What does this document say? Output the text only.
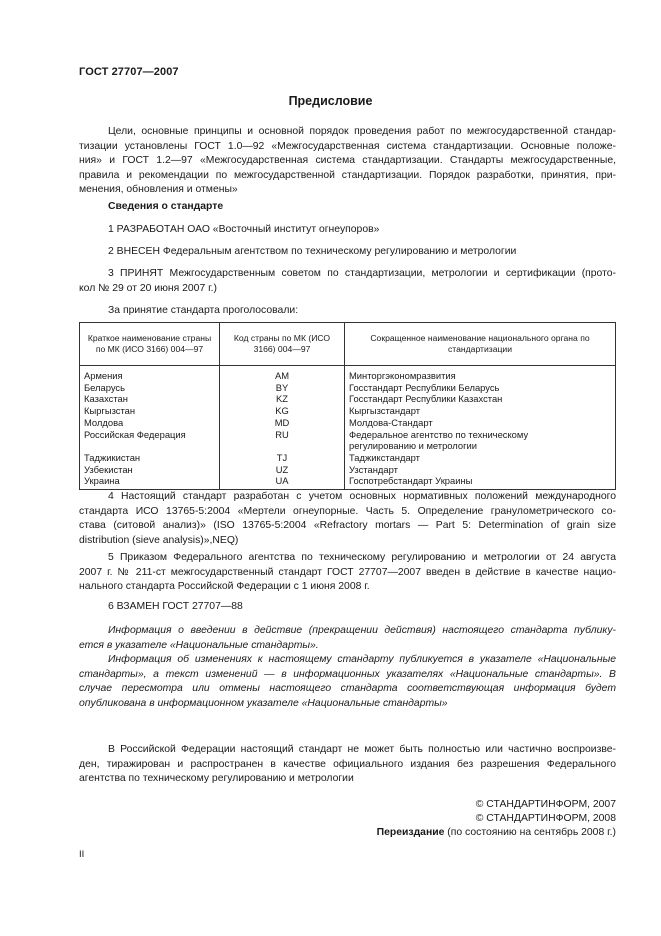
ГОСТ 27707—2007
Предисловие
Цели, основные принципы и основной порядок проведения работ по межгосударственной стандар-
тизации установлены ГОСТ 1.0—92 «Межгосударственная система стандартизации. Основные положе-
ния» и ГОСТ 1.2—97 «Межгосударственная система стандартизации. Стандарты межгосударственные,
правила и рекомендации по межгосударственной стандартизации. Порядок разработки, принятия, при-
менения, обновления и отмены»
Сведения о стандарте
1 РАЗРАБОТАН ОАО «Восточный институт огнеупоров»
2 ВНЕСЕН Федеральным агентством по техническому регулированию и метрологии
3 ПРИНЯТ Межгосударственным советом по стандартизации, метрологии и сертификации (прото-
кол № 29 от 20 июня 2007 г.)
За принятие стандарта проголосовали:
Краткое наименование страны по МК (ИСО 3166) 004—97	Код страны по МК (ИСО 3166) 004—97	Сокращенное наименование национального органа по стандартизации
Армения	AM	Минторгэкономразвития
Беларусь	BY	Госстандарт Республики Беларусь
Казахстан	KZ	Госстандарт Республики Казахстан
Кыргызстан	KG	Кыргызстандарт
Молдова	MD	Молдова-Стандарт
Российская Федерация	RU	Федеральное агентство по техническому регулированию и метрологии
Таджикистан	TJ	Таджикстандарт
Узбекистан	UZ	Узстандарт
Украина	UA	Госпотребстандарт Украины
4 Настоящий стандарт разработан с учетом основных нормативных положений международного
стандарта ИСО 13765-5:2004 «Мертели огнеупорные. Часть 5. Определение гранулометрического со-
става (ситовой анализ)» (ISO 13765-5:2004 «Refractory mortars — Part 5: Determination of grain size
distribution (sieve analysis)»,NEQ)
5 Приказом Федерального агентства по техническому регулированию и метрологии от 24 августа
2007 г. № 211-ст межгосударственный стандарт ГОСТ 27707—2007 введен в действие в качестве нацио-
нального стандарта Российской Федерации с 1 июня 2008 г.
6 ВЗАМЕН ГОСТ 27707—88
Информация о введении в действие (прекращении действия) настоящего стандарта публику-
ется в указателе «Национальные стандарты».
Информация об изменениях к настоящему стандарту публикуется в указателе «Национальные
стандарты», а текст изменений — в информационных указателях «Национальные стандарты». В
случае пересмотра или отмены настоящего стандарта соответствующая информация будет
опубликована в информационном указателе «Национальные стандарты»
В Российской Федерации настоящий стандарт не может быть полностью или частично воспроизве-
ден, тиражирован и распространен в качестве официального издания без разрешения Федерального
агентства по техническому регулированию и метрологии
© СТАНДАРТИНФОРМ, 2007
© СТАНДАРТИНФОРМ, 2008
Переиздание (по состоянию на сентябрь 2008 г.)
II
